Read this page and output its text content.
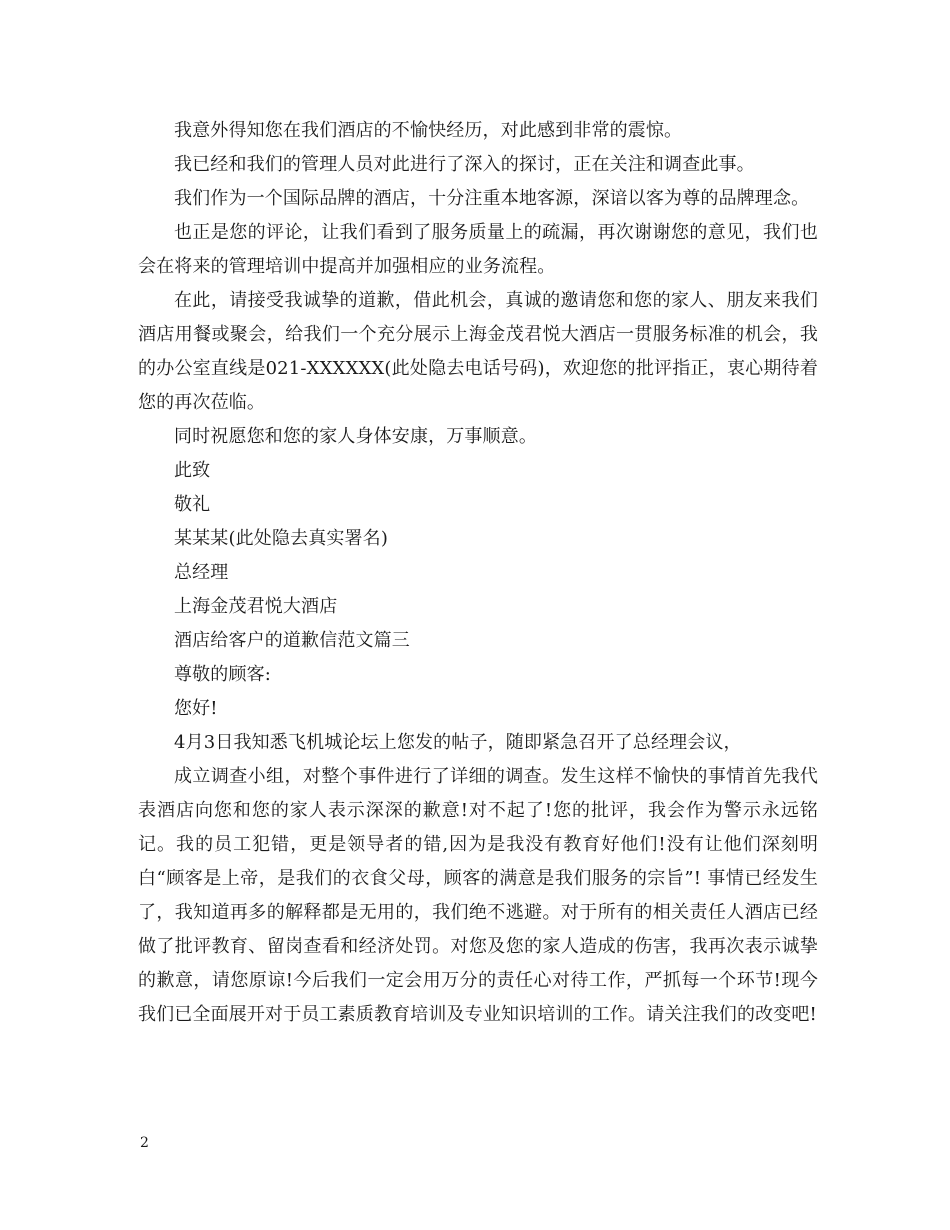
我意外得知您在我们酒店的不愉快经历，对此感到非常的震惊。

我已经和我们的管理人员对此进行了深入的探讨，正在关注和调查此事。

我们作为一个国际品牌的酒店，十分注重本地客源，深谙以客为尊的品牌理念。

也正是您的评论，让我们看到了服务质量上的疏漏，再次谢谢您的意见，我们也会在将来的管理培训中提高并加强相应的业务流程。

在此，请接受我诚挚的道歉，借此机会，真诚的邀请您和您的家人、朋友来我们酒店用餐或聚会，给我们一个充分展示上海金茂君悦大酒店一贯服务标准的机会，我的办公室直线是021-XXXXXX(此处隐去电话号码)，欢迎您的批评指正，衷心期待着您的再次莅临。

同时祝愿您和您的家人身体安康，万事顺意。

此致

敬礼

某某某(此处隐去真实署名)

总经理

上海金茂君悦大酒店

酒店给客户的道歉信范文篇三

尊敬的顾客:

您好!

4月3日我知悉飞机城论坛上您发的帖子，随即紧急召开了总经理会议，

成立调查小组，对整个事件进行了详细的调查。发生这样不愉快的事情首先我代表酒店向您和您的家人表示深深的歉意!对不起了!您的批评，我会作为警示永远铭记。我的员工犯错，更是领导者的错,因为是我没有教育好他们!没有让他们深刻明白“顾客是上帝，是我们的衣食父母，顾客的满意是我们服务的宗旨”! 事情已经发生了，我知道再多的解释都是无用的，我们绝不逃避。对于所有的相关责任人酒店已经做了批评教育、留岗查看和经济处罚。对您及您的家人造成的伤害，我再次表示诚挚的歉意，请您原谅!今后我们一定会用万分的责任心对待工作，严抓每一个环节!现今我们已全面展开对于员工素质教育培训及专业知识培训的工作。请关注我们的改变吧!

2
